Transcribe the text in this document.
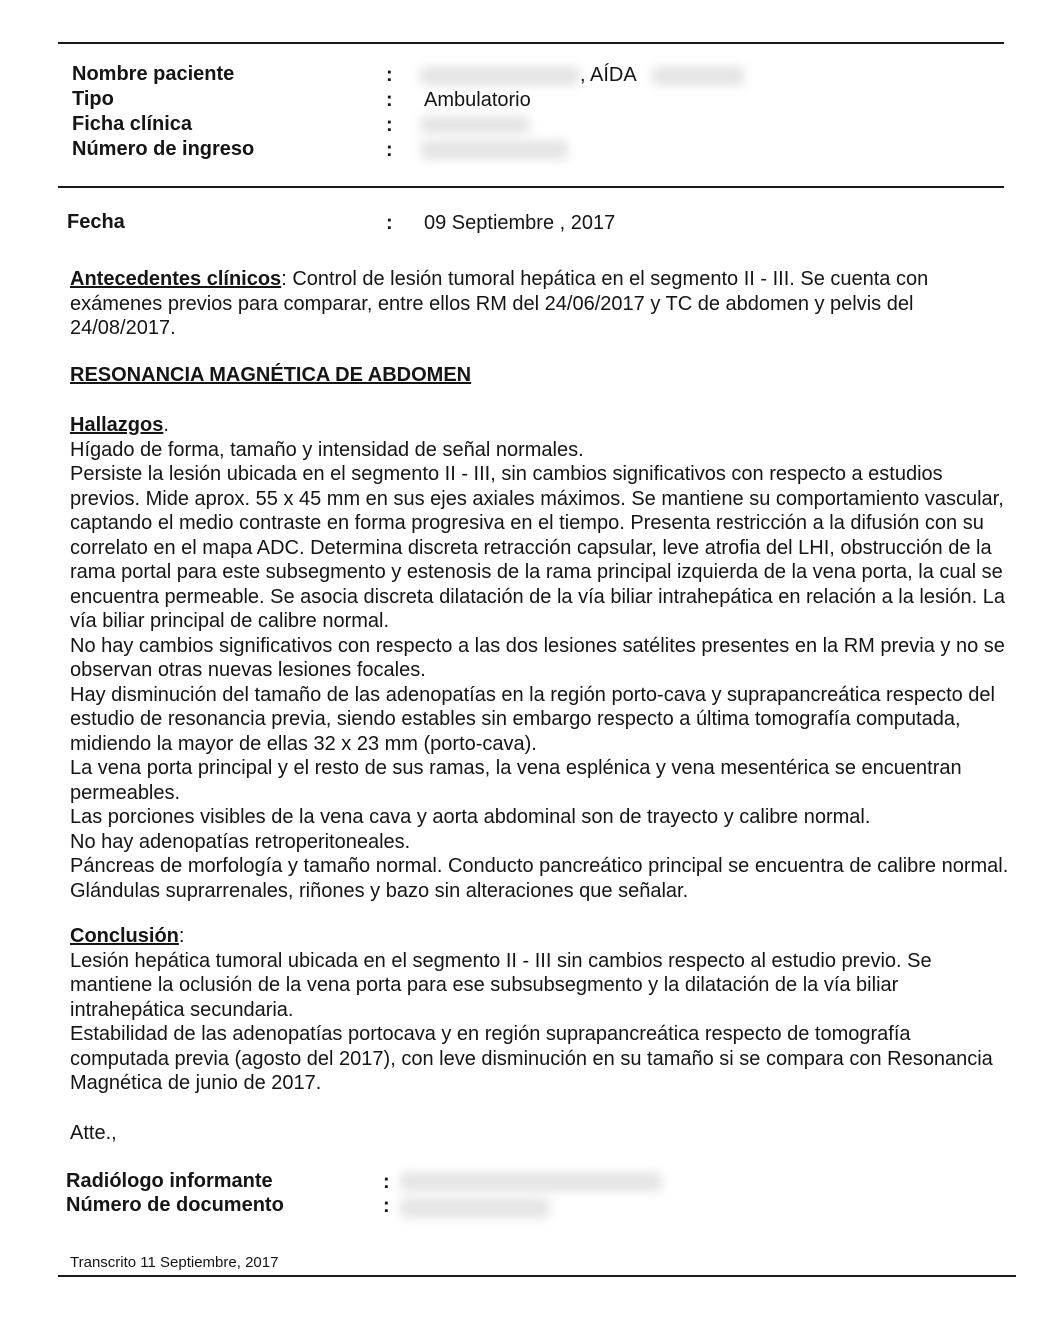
Nombre paciente
Tipo
Ficha clínica
Número de ingreso
:
:
:
:
, AÍDA
Ambulatorio
Fecha	: 09 Septiembre , 2017
Antecedentes clínicos: Control de lesión tumoral hepática en el segmento II - III. Se cuenta con exámenes previos para comparar, entre ellos RM del 24/06/2017 y TC de abdomen y pelvis del 24/08/2017.
RESONANCIA MAGNÉTICA DE ABDOMEN

Hallazgos.

Hígado de forma, tamaño y intensidad de señal normales.

Persiste la lesión ubicada en el segmento II - III, sin cambios significativos con respecto a estudios previos. Mide aprox. 55 x 45 mm en sus ejes axiales máximos. Se mantiene su comportamiento vascular, captando el medio contraste en forma progresiva en el tiempo. Presenta restricción a la difusión con su correlato en el mapa ADC. Determina discreta retracción capsular, leve atrofia del LHI, obstrucción de la rama portal para este subsegmento y estenosis de la rama principal izquierda de la vena porta, la cual se encuentra permeable. Se asocia discreta dilatación de la vía biliar intrahepática en relación a la lesión. La vía biliar principal de calibre normal.

No hay cambios significativos con respecto a las dos lesiones satélites presentes en la RM previa y no se observan otras nuevas lesiones focales.

Hay disminución del tamaño de las adenopatías en la región porto-cava y suprapancreática respecto del estudio de resonancia previa, siendo estables sin embargo respecto a última tomografía computada, midiendo la mayor de ellas 32 x 23 mm (porto-cava).

La vena porta principal y el resto de sus ramas, la vena esplénica y vena mesentérica se encuentran permeables.

Las porciones visibles de la vena cava y aorta abdominal son de trayecto y calibre normal.

No hay adenopatías retroperitoneales.

Páncreas de morfología y tamaño normal. Conducto pancreático principal se encuentra de calibre normal. Glándulas suprarrenales, riñones y bazo sin alteraciones que señalar.

Conclusión:

Lesión hepática tumoral ubicada en el segmento II - III sin cambios respecto al estudio previo. Se mantiene la oclusión de la vena porta para ese subsubsegmento y la dilatación de la vía biliar intrahepática secundaria.

Estabilidad de las adenopatías portocava y en región suprapancreática respecto de tomografía computada previa (agosto del 2017), con leve disminución en su tamaño si se compara con Resonancia Magnética de junio de 2017.

Atte.,
Radiólogo informante
Número de documento
:
:
Transcrito 11 Septiembre, 2017
